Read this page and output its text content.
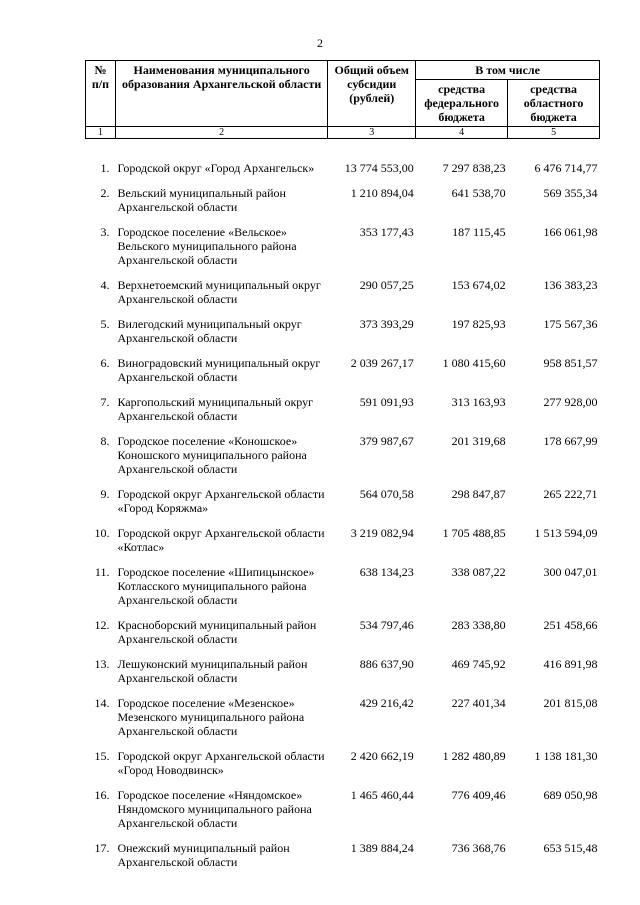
2
№ п/п	Наименования муниципального образования Архангельской области	Общий объем субсидии (рублей)	В том числе	
			средства федерального бюджета	средства областного бюджета
1	2	3	4	5
1.	Городской округ «Город Архангельск»	13 774 553,00	7 297 838,23	6 476 714,77
2.	Вельский муниципальный район Архангельской области	1 210 894,04	641 538,70	569 355,34
3.	Городское поселение «Вельское» Вельского муниципального района Архангельской области	353 177,43	187 115,45	166 061,98
4.	Верхнетоемский муниципальный округ Архангельской области	290 057,25	153 674,02	136 383,23
5.	Вилегодский муниципальный округ Архангельской области	373 393,29	197 825,93	175 567,36
6.	Виноградовский муниципальный округ Архангельской области	2 039 267,17	1 080 415,60	958 851,57
7.	Каргопольский муниципальный округ Архангельской области	591 091,93	313 163,93	277 928,00
8.	Городское поселение «Коношское» Коношского муниципального района Архангельской области	379 987,67	201 319,68	178 667,99
9.	Городской округ Архангельской области «Город Коряжма»	564 070,58	298 847,87	265 222,71
10.	Городской округ Архангельской области «Котлас»	3 219 082,94	1 705 488,85	1 513 594,09
11.	Городское поселение «Шипицынское» Котласского муниципального района Архангельской области	638 134,23	338 087,22	300 047,01
12.	Красноборский муниципальный район Архангельской области	534 797,46	283 338,80	251 458,66
13.	Лешуконский муниципальный район Архангельской области	886 637,90	469 745,92	416 891,98
14.	Городское поселение «Мезенское» Мезенского муниципального района Архангельской области	429 216,42	227 401,34	201 815,08
15.	Городской округ Архангельской области «Город Новодвинск»	2 420 662,19	1 282 480,89	1 138 181,30
16.	Городское поселение «Няндомское» Няндомского муниципального района Архангельской области	1 465 460,44	776 409,46	689 050,98
17.	Онежский муниципальный район Архангельской области	1 389 884,24	736 368,76	653 515,48
